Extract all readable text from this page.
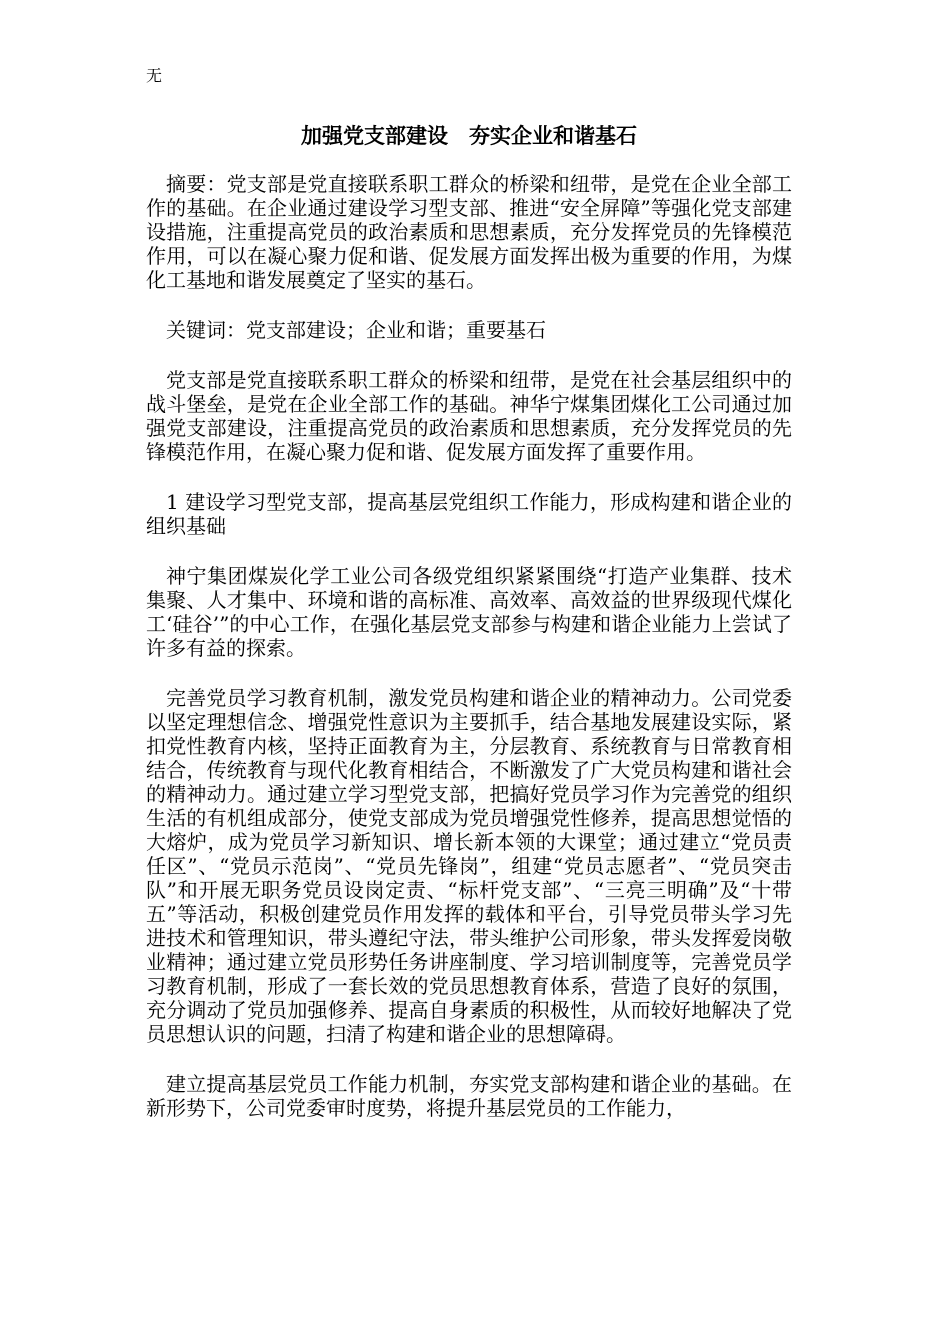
无
加强党支部建设　夯实企业和谐基石

摘要：党支部是党直接联系职工群众的桥梁和纽带，是党在企业全部工作的基础。在企业通过建设学习型支部、推进“安全屏障”等强化党支部建设措施，注重提高党员的政治素质和思想素质，充分发挥党员的先锋模范作用，可以在凝心聚力促和谐、促发展方面发挥出极为重要的作用，为煤化工基地和谐发展奠定了坚实的基石。

关键词：党支部建设；企业和谐；重要基石

党支部是党直接联系职工群众的桥梁和纽带，是党在社会基层组织中的战斗堡垒，是党在企业全部工作的基础。神华宁煤集团煤化工公司通过加强党支部建设，注重提高党员的政治素质和思想素质，充分发挥党员的先锋模范作用，在凝心聚力促和谐、促发展方面发挥了重要作用。

1 建设学习型党支部，提高基层党组织工作能力，形成构建和谐企业的组织基础

神宁集团煤炭化学工业公司各级党组织紧紧围绕“打造产业集群、技术集聚、人才集中、环境和谐的高标准、高效率、高效益的世界级现代煤化工‘硅谷’”的中心工作，在强化基层党支部参与构建和谐企业能力上尝试了许多有益的探索。

完善党员学习教育机制，激发党员构建和谐企业的精神动力。公司党委以坚定理想信念、增强党性意识为主要抓手，结合基地发展建设实际，紧扣党性教育内核，坚持正面教育为主，分层教育、系统教育与日常教育相结合，传统教育与现代化教育相结合，不断激发了广大党员构建和谐社会的精神动力。通过建立学习型党支部，把搞好党员学习作为完善党的组织生活的有机组成部分，使党支部成为党员增强党性修养，提高思想觉悟的大熔炉，成为党员学习新知识、增长新本领的大课堂；通过建立“党员责任区”、“党员示范岗”、“党员先锋岗”，组建“党员志愿者”、“党员突击队”和开展无职务党员设岗定责、“标杆党支部”、“三亮三明确”及“十带五”等活动，积极创建党员作用发挥的载体和平台，引导党员带头学习先进技术和管理知识，带头遵纪守法，带头维护公司形象，带头发挥爱岗敬业精神；通过建立党员形势任务讲座制度、学习培训制度等，完善党员学习教育机制，形成了一套长效的党员思想教育体系，营造了良好的氛围，充分调动了党员加强修养、提高自身素质的积极性，从而较好地解决了党员思想认识的问题，扫清了构建和谐企业的思想障碍。

建立提高基层党员工作能力机制，夯实党支部构建和谐企业的基础。在新形势下，公司党委审时度势，将提升基层党员的工作能力，
